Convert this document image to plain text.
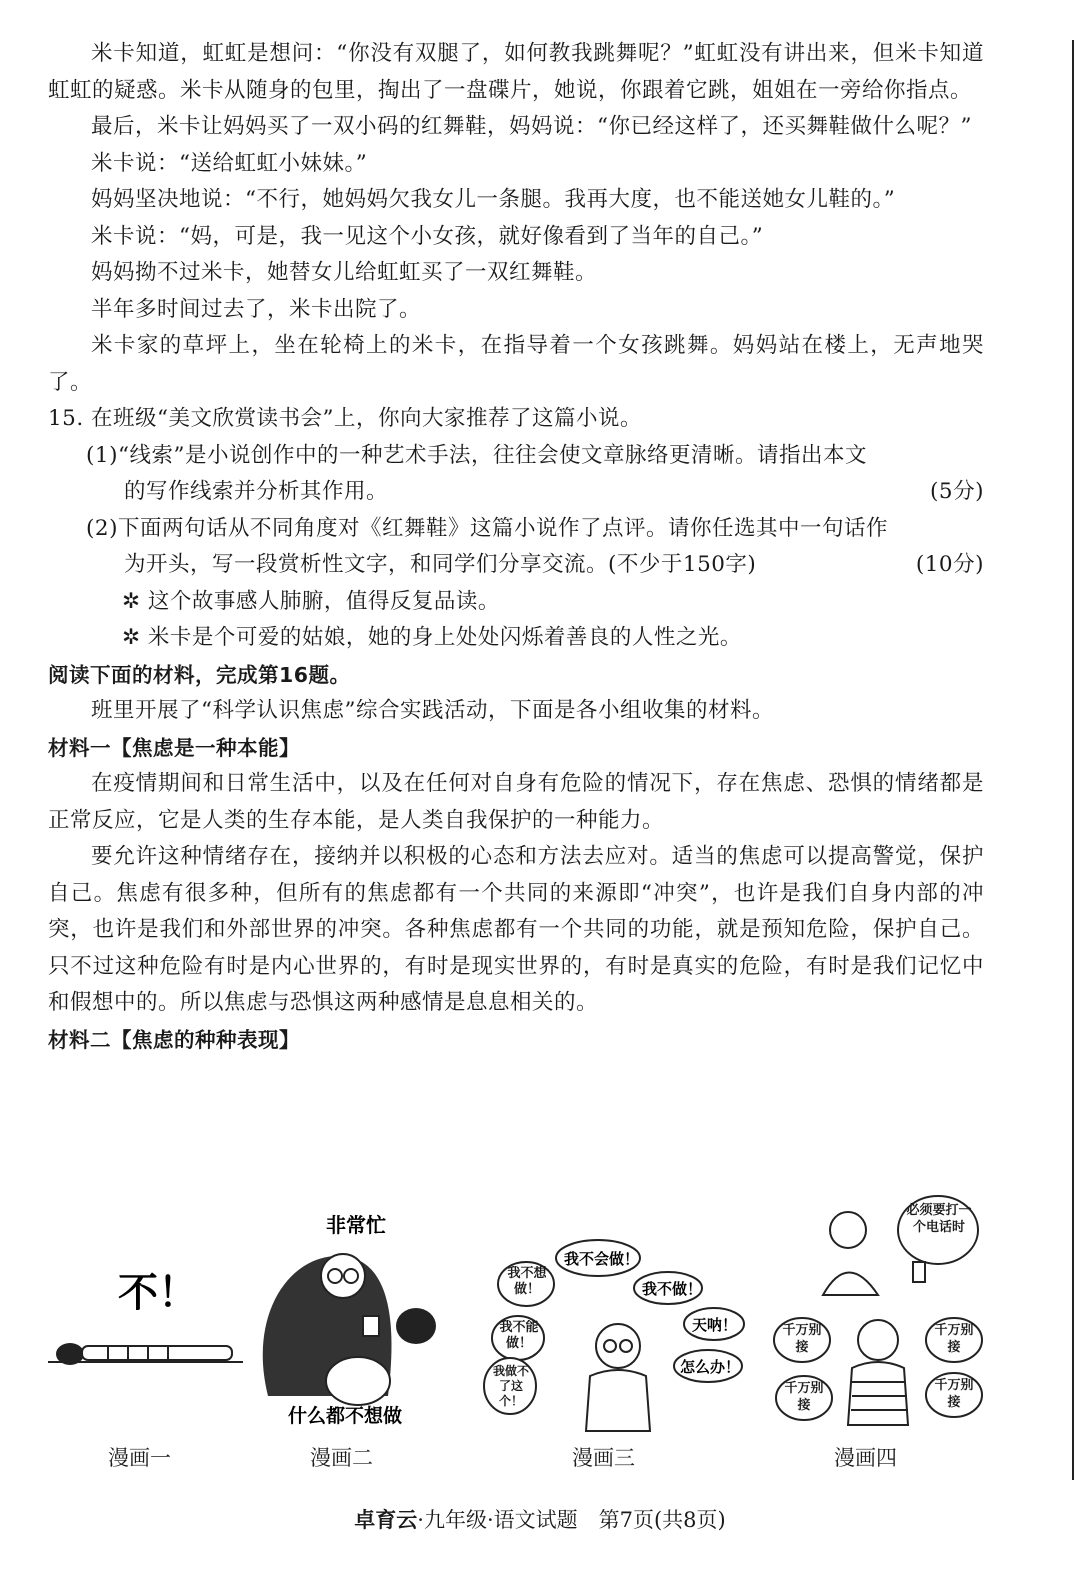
米卡知道，虹虹是想问：“你没有双腿了，如何教我跳舞呢？”虹虹没有讲出来，但米卡知道虹虹的疑惑。米卡从随身的包里，掏出了一盘碟片，她说，你跟着它跳，姐姐在一旁给你指点。

最后，米卡让妈妈买了一双小码的红舞鞋，妈妈说：“你已经这样了，还买舞鞋做什么呢？”

米卡说：“送给虹虹小妹妹。”

妈妈坚决地说：“不行，她妈妈欠我女儿一条腿。我再大度，也不能送她女儿鞋的。”

米卡说：“妈，可是，我一见这个小女孩，就好像看到了当年的自己。”

妈妈拗不过米卡，她替女儿给虹虹买了一双红舞鞋。

半年多时间过去了，米卡出院了。

米卡家的草坪上，坐在轮椅上的米卡，在指导着一个女孩跳舞。妈妈站在楼上，无声地哭了。

15. 在班级“美文欣赏读书会”上，你向大家推荐了这篇小说。

(1)“线索”是小说创作中的一种艺术手法，往往会使文章脉络更清晰。请指出本文

的写作线索并分析其作用。	(5分)

(2)下面两句话从不同角度对《红舞鞋》这篇小说作了点评。请你任选其中一句话作

为开头，写一段赏析性文字，和同学们分享交流。(不少于150字)	(10分)

✲ 这个故事感人肺腑，值得反复品读。

✲ 米卡是个可爱的姑娘，她的身上处处闪烁着善良的人性之光。

阅读下面的材料，完成第16题。

班里开展了“科学认识焦虑”综合实践活动，下面是各小组收集的材料。

材料一【焦虑是一种本能】

在疫情期间和日常生活中，以及在任何对自身有危险的情况下，存在焦虑、恐惧的情绪都是正常反应，它是人类的生存本能，是人类自我保护的一种能力。

要允许这种情绪存在，接纳并以积极的心态和方法去应对。适当的焦虑可以提高警觉，保护自己。焦虑有很多种，但所有的焦虑都有一个共同的来源即“冲突”，也许是我们自身内部的冲突，也许是我们和外部世界的冲突。各种焦虑都有一个共同的功能，就是预知危险，保护自己。只不过这种危险有时是内心世界的，有时是现实世界的，有时是真实的危险，有时是我们记忆中和假想中的。所以焦虑与恐惧这两种感情是息息相关的。

材料二【焦虑的种种表现】

不！
非常忙
什么都不想做
我不想做！
我不会做！
我不做！
我不能做！
天呐！
怎么办！
我做不了这个！
必须要打一个电话时
千万别接
千万别接
千万别接
千万别接
漫画一	漫画二	漫画三	漫画四
卓育云·九年级·语文试题　第7页(共8页)
